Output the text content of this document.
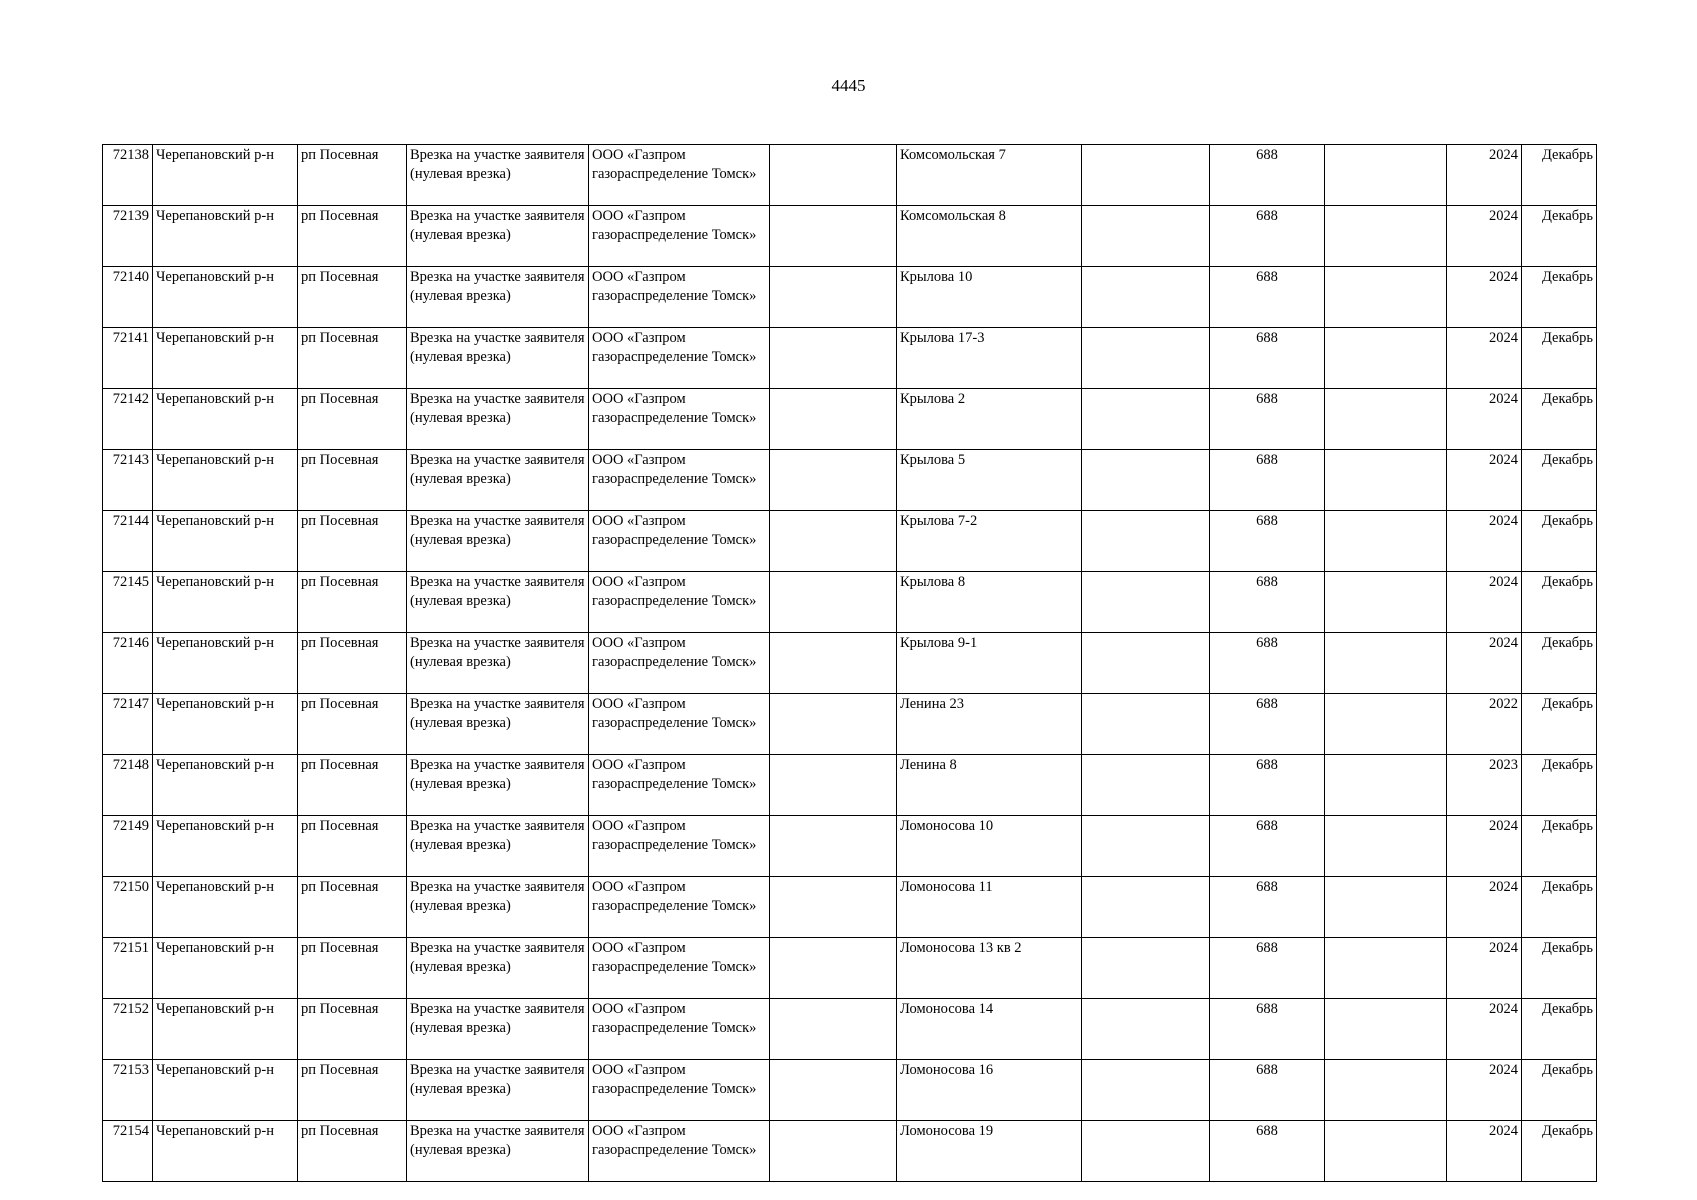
4445
72138	Черепановский р-н	рп Посевная	Врезка на участке заявителя (нулевая врезка)	ООО «Газпром газораспределение Томск»		Комсомольская 7		688		2024	Декабрь
72139	Черепановский р-н	рп Посевная	Врезка на участке заявителя (нулевая врезка)	ООО «Газпром газораспределение Томск»		Комсомольская 8		688		2024	Декабрь
72140	Черепановский р-н	рп Посевная	Врезка на участке заявителя (нулевая врезка)	ООО «Газпром газораспределение Томск»		Крылова 10		688		2024	Декабрь
72141	Черепановский р-н	рп Посевная	Врезка на участке заявителя (нулевая врезка)	ООО «Газпром газораспределение Томск»		Крылова 17-3		688		2024	Декабрь
72142	Черепановский р-н	рп Посевная	Врезка на участке заявителя (нулевая врезка)	ООО «Газпром газораспределение Томск»		Крылова 2		688		2024	Декабрь
72143	Черепановский р-н	рп Посевная	Врезка на участке заявителя (нулевая врезка)	ООО «Газпром газораспределение Томск»		Крылова 5		688		2024	Декабрь
72144	Черепановский р-н	рп Посевная	Врезка на участке заявителя (нулевая врезка)	ООО «Газпром газораспределение Томск»		Крылова 7-2		688		2024	Декабрь
72145	Черепановский р-н	рп Посевная	Врезка на участке заявителя (нулевая врезка)	ООО «Газпром газораспределение Томск»		Крылова 8		688		2024	Декабрь
72146	Черепановский р-н	рп Посевная	Врезка на участке заявителя (нулевая врезка)	ООО «Газпром газораспределение Томск»		Крылова 9-1		688		2024	Декабрь
72147	Черепановский р-н	рп Посевная	Врезка на участке заявителя (нулевая врезка)	ООО «Газпром газораспределение Томск»		Ленина 23		688		2022	Декабрь
72148	Черепановский р-н	рп Посевная	Врезка на участке заявителя (нулевая врезка)	ООО «Газпром газораспределение Томск»		Ленина 8		688		2023	Декабрь
72149	Черепановский р-н	рп Посевная	Врезка на участке заявителя (нулевая врезка)	ООО «Газпром газораспределение Томск»		Ломоносова 10		688		2024	Декабрь
72150	Черепановский р-н	рп Посевная	Врезка на участке заявителя (нулевая врезка)	ООО «Газпром газораспределение Томск»		Ломоносова 11		688		2024	Декабрь
72151	Черепановский р-н	рп Посевная	Врезка на участке заявителя (нулевая врезка)	ООО «Газпром газораспределение Томск»		Ломоносова 13 кв 2		688		2024	Декабрь
72152	Черепановский р-н	рп Посевная	Врезка на участке заявителя (нулевая врезка)	ООО «Газпром газораспределение Томск»		Ломоносова 14		688		2024	Декабрь
72153	Черепановский р-н	рп Посевная	Врезка на участке заявителя (нулевая врезка)	ООО «Газпром газораспределение Томск»		Ломоносова 16		688		2024	Декабрь
72154	Черепановский р-н	рп Посевная	Врезка на участке заявителя (нулевая врезка)	ООО «Газпром газораспределение Томск»		Ломоносова 19		688		2024	Декабрь
